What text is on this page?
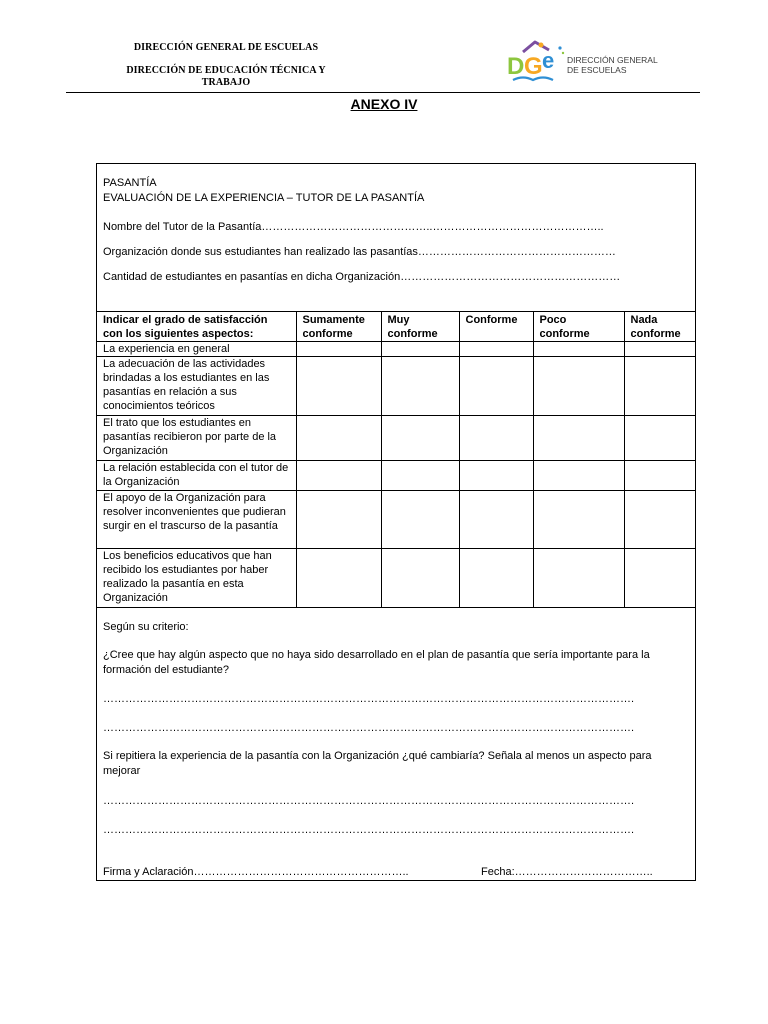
DIRECCIÓN GENERAL DE ESCUELAS
DIRECCIÓN DE EDUCACIÓN TÉCNICA Y TRABAJO
D G e DIRECCIÓN GENERAL
DE ESCUELAS
ANEXO IV
PASANTÍA
EVALUACIÓN DE LA EXPERIENCIA – TUTOR DE LA PASANTÍA
Nombre del Tutor de la Pasantía………………………………………..………………………………………..
Organización donde sus estudiantes han realizado las pasantías………………………………………………
Cantidad de estudiantes en pasantías en dicha Organización……………………………………………………
Indicar el grado de satisfacción con los siguientes aspectos:	Sumamente conforme	Muy conforme	Conforme	Poco conforme	Nada conforme
La experiencia en general					
La adecuación de las actividades brindadas a los estudiantes en las pasantías en relación a sus conocimientos teóricos					
El trato que los estudiantes en pasantías recibieron por parte de la Organización					
La relación establecida con el tutor de la Organización					
El apoyo de la Organización para resolver inconvenientes que pudieran surgir en el trascurso de la pasantía					
Los beneficios educativos que han recibido los estudiantes por haber realizado la pasantía en esta Organización					
Según su criterio:
¿Cree que hay algún aspecto que no haya sido desarrollado en el plan de pasantía que sería importante para la
formación del estudiante?
……………………………………………………………………………………………………………………………….
……………………………………………………………………………………………………………………………….
Si repitiera la experiencia de la pasantía con la Organización ¿qué cambiaría? Señala al menos un aspecto para
mejorar
……………………………………………………………………………………………………………………………….
……………………………………………………………………………………………………………………………….
Firma y Aclaración…………………………………………………..	Fecha:………………………………..
